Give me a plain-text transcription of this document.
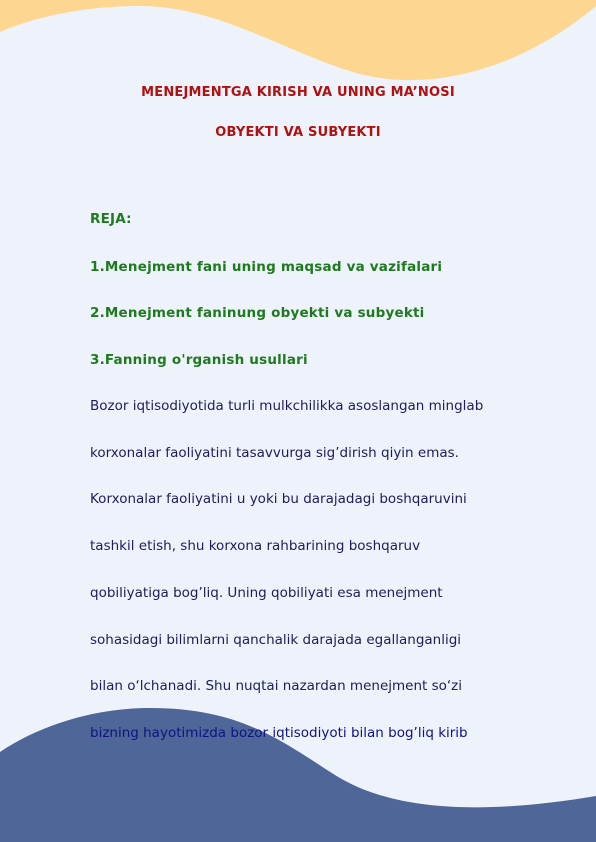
MENEJMENTGA KIRISH VA UNING MA’NOSI
OBYEKTI VA SUBYEKTI
REJA:
1.Menejment fani uning maqsad va vazifalari
2.Menejment faninung obyekti va subyekti
3.Fanning o'rganish usullari
Bozor iqtisodiyotida turli mulkchilikka asoslangan minglab
korxonalar faoliyatini tasavvurga sig’dirish qiyin emas.
Korxonalar faoliyatini u yoki bu darajadagi boshqaruvini
tashkil etish, shu korxona rahbarining boshqaruv
qobiliyatiga bog’liq. Uning qobiliyati esa menejment
sohasidagi bilimlarni qanchalik darajada egallanganligi
bilan o‘lchanadi. Shu nuqtai nazardan menejment so‘zi
bizning hayotimizda bozor iqtisodiyoti bilan bog’liq kirib
